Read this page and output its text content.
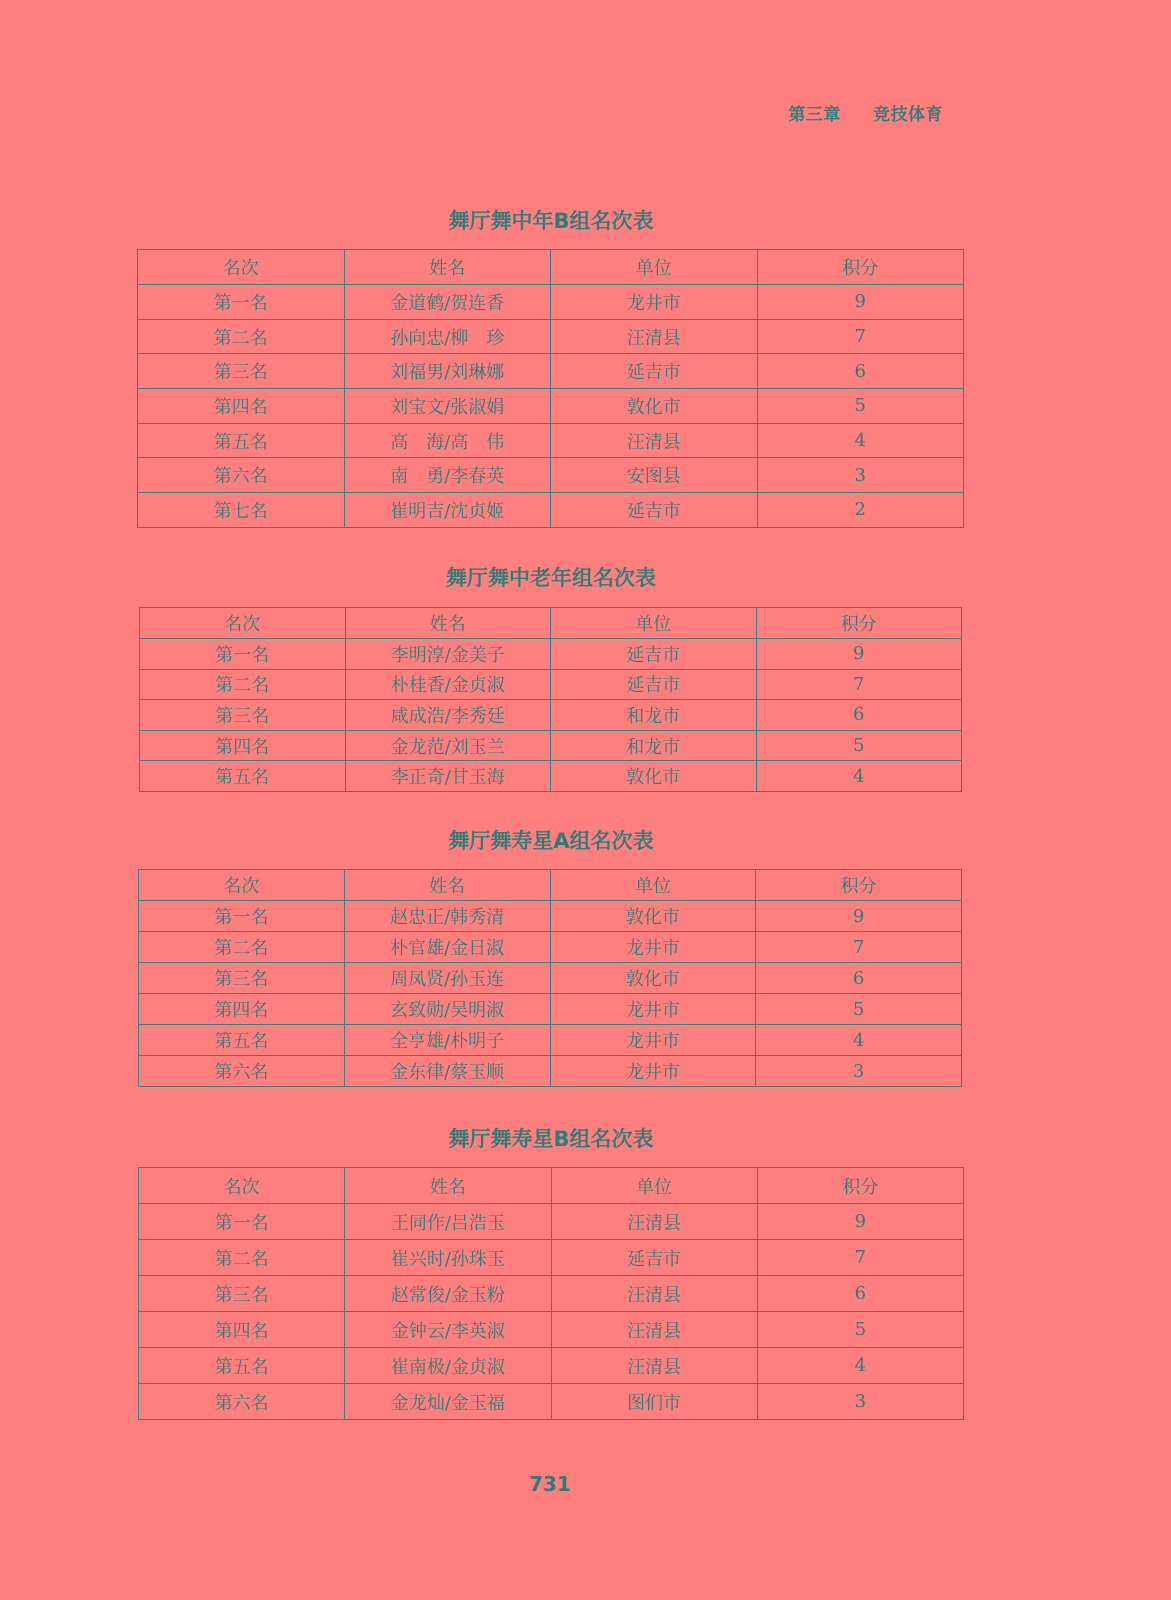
第三章     竞技体育
舞厅舞中年B组名次表
名次	姓名	单位	积分
第一名	金道鹤/贺连香	龙井市	9
第二名	孙向忠/柳　珍	汪清县	7
第三名	刘福男/刘琳娜	延吉市	6
第四名	刘宝文/张淑娟	敦化市	5
第五名	高　海/高　伟	汪清县	4
第六名	南　勇/李春英	安图县	3
第七名	崔明吉/沈贞姬	延吉市	2
舞厅舞中老年组名次表
名次	姓名	单位	积分
第一名	李明淳/金美子	延吉市	9
第二名	朴桂香/金贞淑	延吉市	7
第三名	咸成浩/李秀廷	和龙市	6
第四名	金龙范/刘玉兰	和龙市	5
第五名	李正奇/甘玉海	敦化市	4
舞厅舞寿星A组名次表
名次	姓名	单位	积分
第一名	赵忠正/韩秀清	敦化市	9
第二名	朴官雄/金日淑	龙井市	7
第三名	周凤贤/孙玉连	敦化市	6
第四名	玄致勋/吴明淑	龙井市	5
第五名	全亨雄/朴明子	龙井市	4
第六名	金东律/蔡玉顺	龙井市	3
舞厅舞寿星B组名次表
名次	姓名	单位	积分
第一名	王同作/吕浩玉	汪清县	9
第二名	崔兴时/孙珠玉	延吉市	7
第三名	赵常俊/金玉粉	汪清县	6
第四名	金钟云/李英淑	汪清县	5
第五名	崔南极/金贞淑	汪清县	4
第六名	金龙灿/金玉福	图们市	3
731
